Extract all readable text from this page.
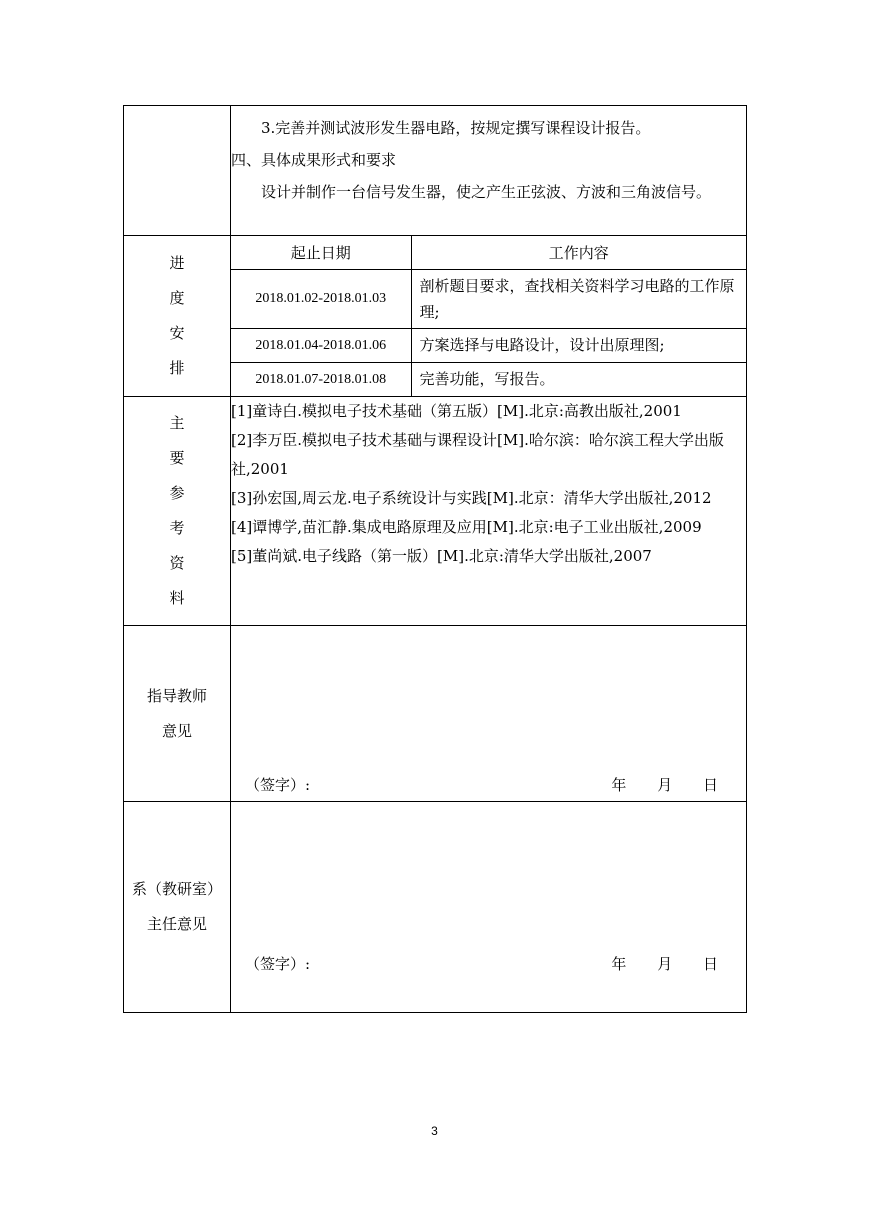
3.完善并测试波形发生器电路，按规定撰写课程设计报告。
四、具体成果形式和要求
设计并制作一台信号发生器，使之产生正弦波、方波和三角波信号。

进
度
安
排

起止日期	工作内容
2018.01.02-2018.01.03	剖析题目要求，查找相关资料学习电路的工作原理;
2018.01.04-2018.01.06	方案选择与电路设计，设计出原理图;
2018.01.07-2018.01.08	完善功能，写报告。

主
要
参
考
资
料

[1]童诗白.模拟电子技术基础（第五版）[M].北京:高教出版社,2001
[2]李万臣.模拟电子技术基础与课程设计[M].哈尔滨：哈尔滨工程大学出版社,2001
[3]孙宏国,周云龙.电子系统设计与实践[M].北京：清华大学出版社,2012
[4]谭博学,苗汇静.集成电路原理及应用[M].北京:电子工业出版社,2009
[5]董尚斌.电子线路（第一版）[M].北京:清华大学出版社,2007

指导教师
意见

（签字）:	年 月 日

系（教研室）
主任意见

（签字）:	年 月 日
3
